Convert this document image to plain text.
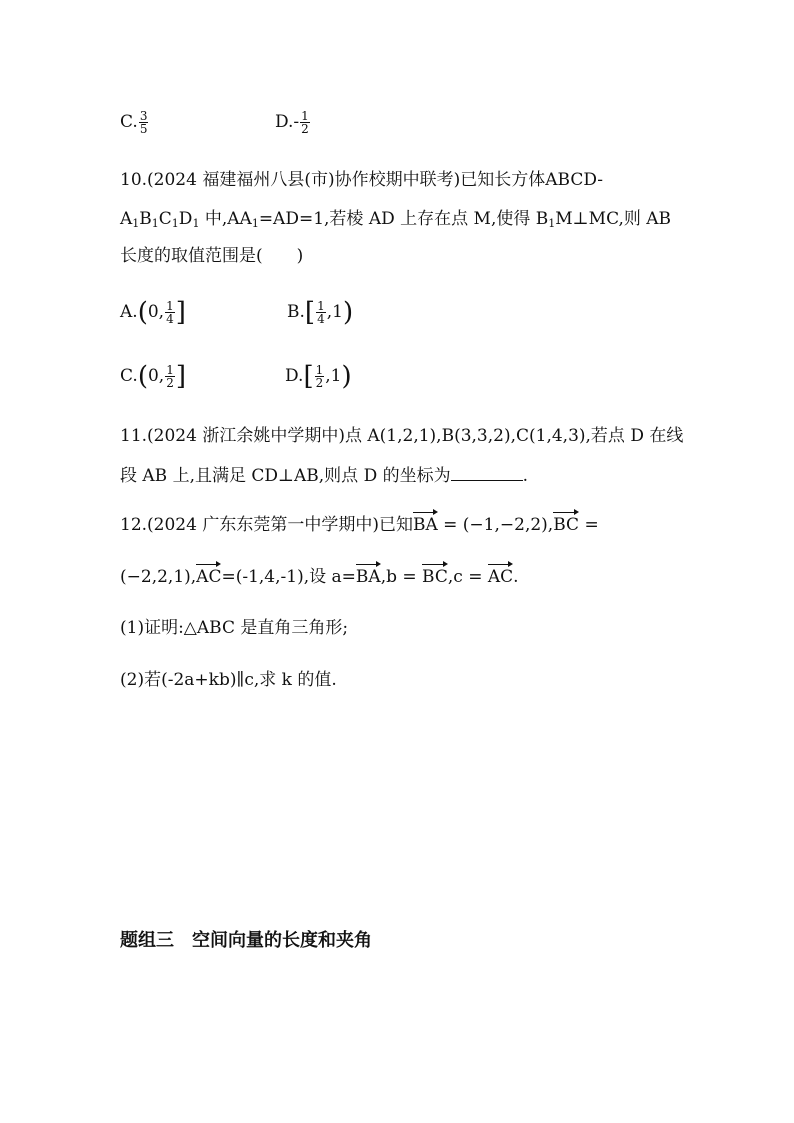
C. $\frac{3}{5}$	$D.- \frac{1}{2}$
10.(2024 福建福州八县(市)协作校期中联考)已知长方体ABCD-
$A_1B_1C_1D_1$ 中$,AA_1=AD=1$,若棱 AD 上存在点 M,使得 $B_1M\perp MC$,则 AB
长度的取值范围是( )
A.(0, $\frac{1}{4}$ ]	$B.[ \frac{1}{4} ,1)$
C.(0, $\frac{1}{2}$ ]	$D.[ \frac{1}{2} ,1)$
11.(2024 浙江余姚中学期中)点 A(1,2,1),B(3,3,2),C(1,4,3),若点 D 在线
段 AB 上,且满足 CD⊥AB,则点 D 的坐标为	.
12.(2024 广东东莞第一中学期中)已知BA = (−1,−2,2),BC =
(−2,2,1),AC=(-1,4,-1),设 a=BA,b = BC,c = AC.
(1)证明:△ABC 是直角三角形;
(2)若(-2a+kb)∥c,求 k 的值.
题组三　空间向量的长度和夹角
